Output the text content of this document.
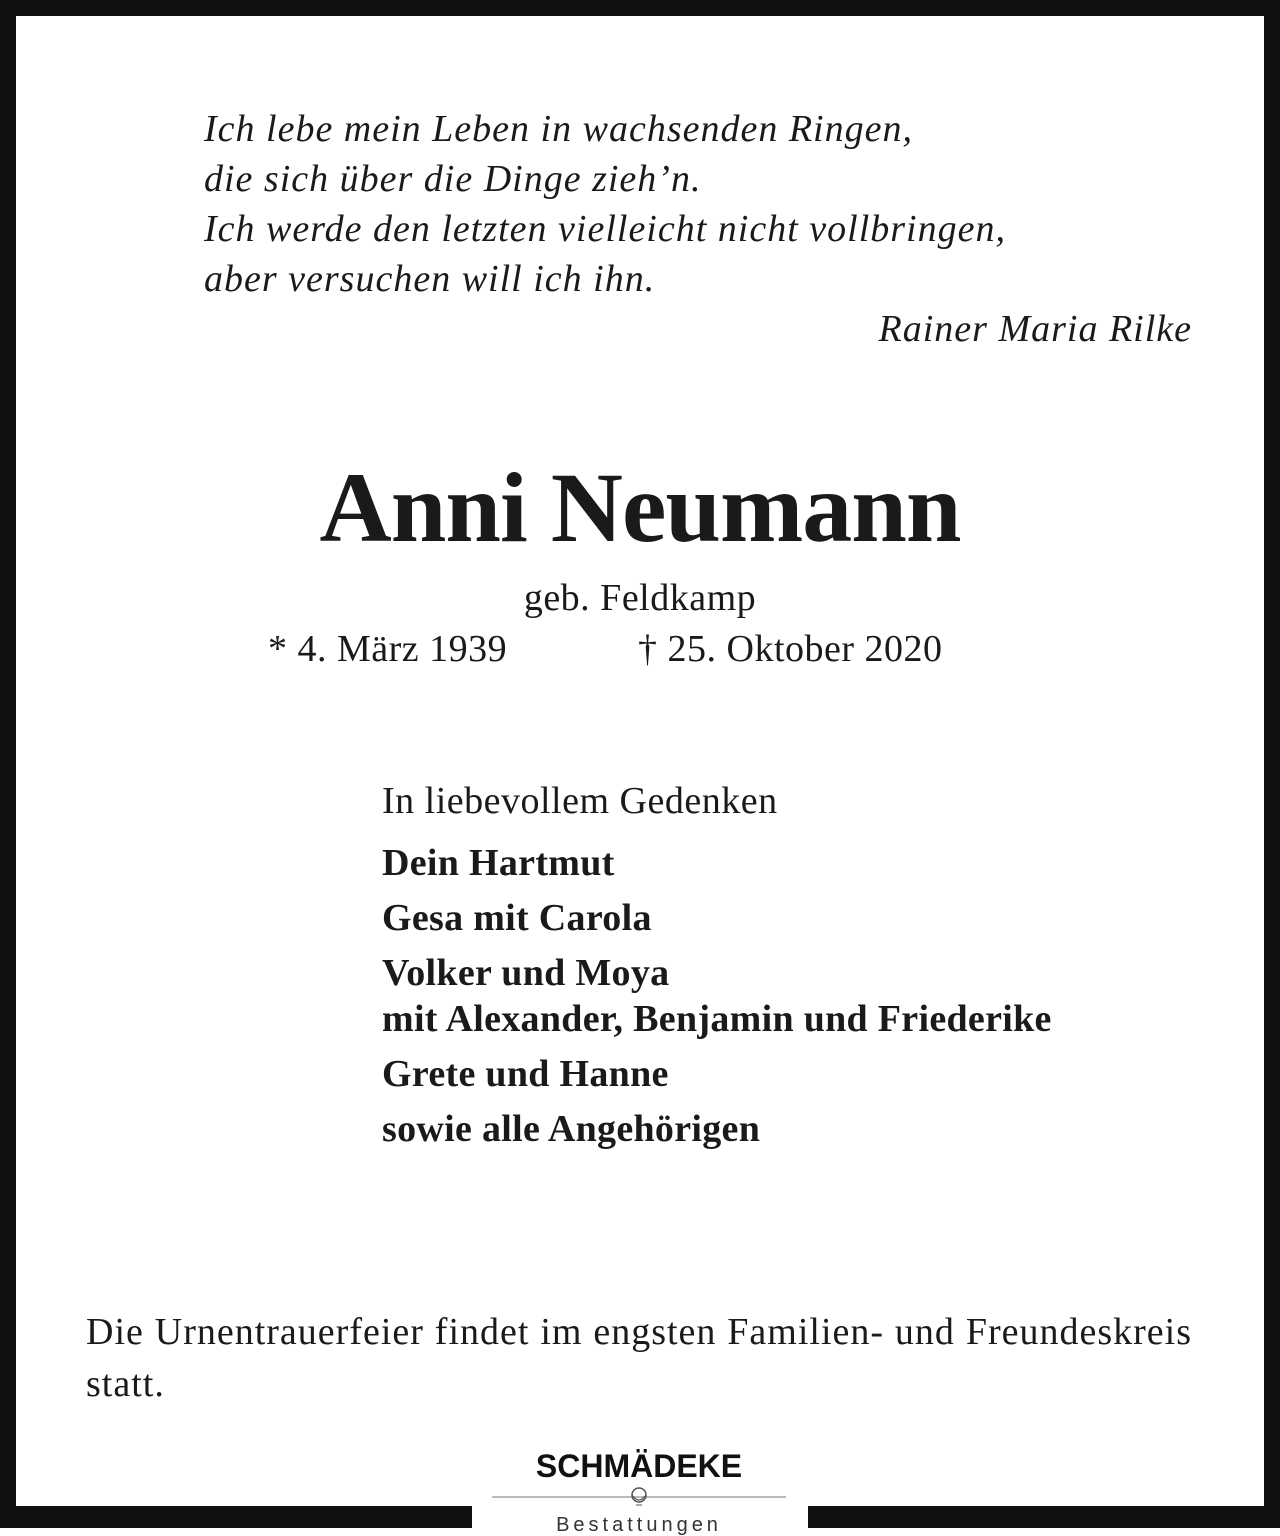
Ich lebe mein Leben in wachsenden Ringen,
die sich über die Dinge zieh’n.
Ich werde den letzten vielleicht nicht vollbringen,
aber versuchen will ich ihn.
Rainer Maria Rilke
Anni Neumann
geb. Feldkamp
* 4. März 1939	† 25. Oktober 2020
In liebevollem Gedenken
Dein Hartmut
Gesa mit Carola
Volker und Moya
mit Alexander, Benjamin und Friederike
Grete und Hanne
sowie alle Angehörigen
Die Urnentrauerfeier findet im engsten Familien- und Freundeskreis statt.
SCHMÄDEKE
Bestattungen
